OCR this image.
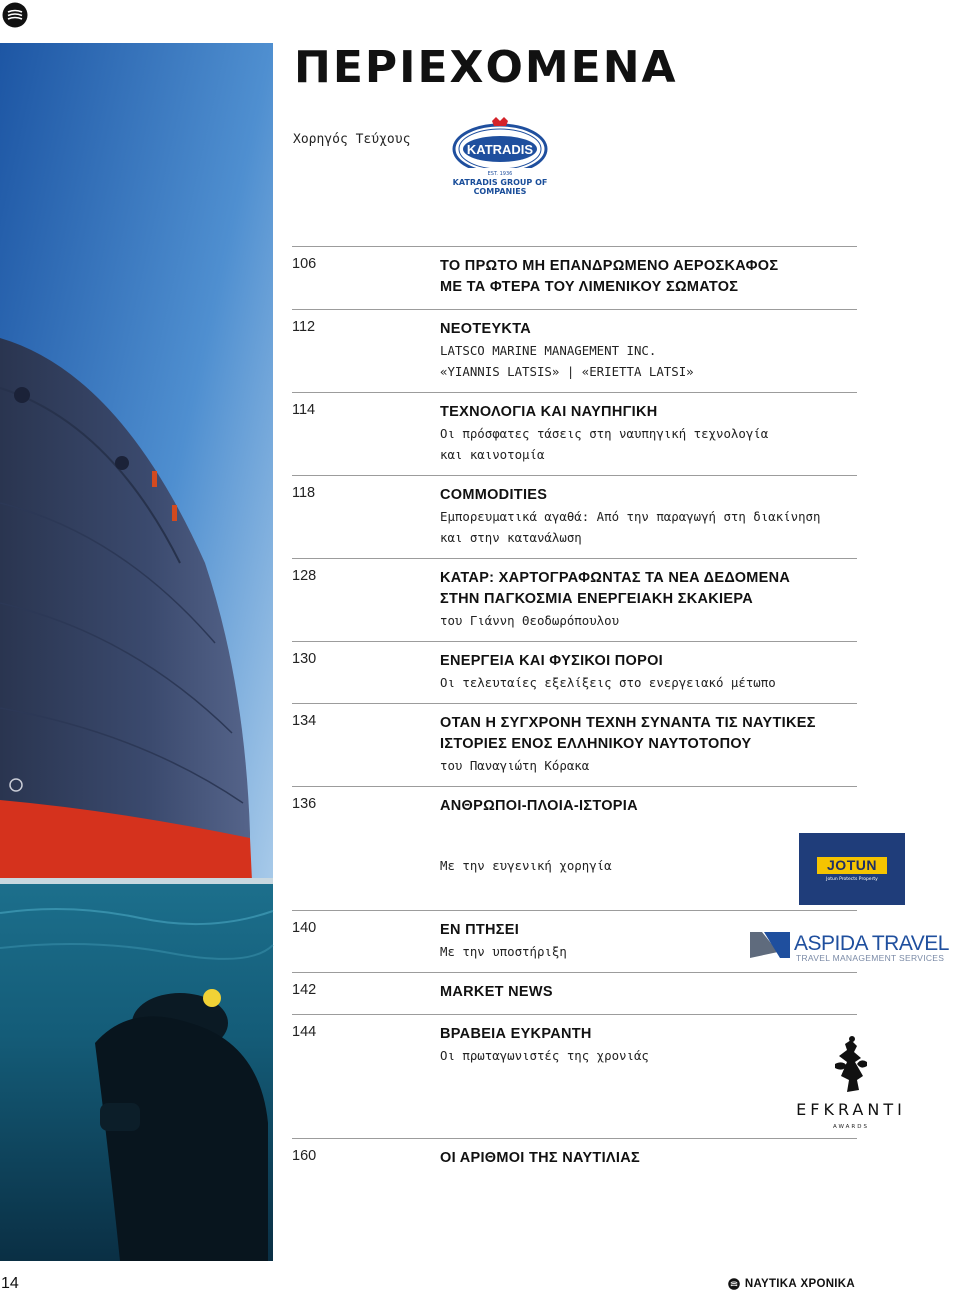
ΠΕΡΙΕΧΟΜΕΝΑ
Χορηγός Τεύχους
KATRADIS
EST. 1936
KATRADIS GROUP OF COMPANIES
106	ΤΟ ΠΡΩΤΟ ΜΗ ΕΠΑΝΔΡΩΜΕΝΟ ΑΕΡΟΣΚΑΦΟΣ
ΜΕ ΤΑ ΦΤΕΡΑ ΤΟΥ ΛΙΜΕΝΙΚΟΥ ΣΩΜΑΤΟΣ
112	ΝΕΟΤΕΥΚΤΑ
LATSCO MARINE MANAGEMENT INC.
«YIANNIS LATSIS» | «ERIETTA LATSI»
114	ΤΕΧΝΟΛΟΓΙΑ ΚΑΙ ΝΑΥΠΗΓΙΚΗ
Οι πρόσφατες τάσεις στη ναυπηγική τεχνολογία
και καινοτομία
118	COMMODITIES
Εμπορευματικά αγαθά: Από την παραγωγή στη διακίνηση
και στην κατανάλωση
128	ΚΑΤΑΡ: ΧΑΡΤΟΓΡΑΦΩΝΤΑΣ ΤΑ ΝΕΑ ΔΕΔΟΜΕΝΑ
ΣΤΗΝ ΠΑΓΚΟΣΜΙΑ ΕΝΕΡΓΕΙΑΚΗ ΣΚΑΚΙΕΡΑ
του Γιάννη Θεοδωρόπουλου
130	ΕΝΕΡΓΕΙΑ ΚΑΙ ΦΥΣΙΚΟΙ ΠΟΡΟΙ
Οι τελευταίες εξελίξεις στο ενεργειακό μέτωπο
134	ΟΤΑΝ Η ΣΥΓΧΡΟΝΗ ΤΕΧΝΗ ΣΥΝΑΝΤΑ ΤΙΣ ΝΑΥΤΙΚΕΣ
ΙΣΤΟΡΙΕΣ ΕΝΟΣ ΕΛΛΗΝΙΚΟΥ ΝΑΥΤΟΤΟΠΟΥ
του Παναγιώτη Κόρακα
136	ΑΝΘΡΩΠΟΙ-ΠΛΟΙΑ-ΙΣΤΟΡΙΑ
Με την ευγενική χορηγία	JOTUN
Jotun Protects Property
140	ΕΝ ΠΤΗΣΕΙ
Με την υποστήριξη	ASPIDA TRAVEL
TRAVEL MANAGEMENT SERVICES
142	MARKET NEWS
144	ΒΡΑΒΕΙΑ ΕΥΚΡΑΝΤΗ
Οι πρωταγωνιστές της χρονιάς
EFKRANTI
AWARDS
160	ΟΙ ΑΡΙΘΜΟΙ ΤΗΣ ΝΑΥΤΙΛΙΑΣ
14	ΝΑΥΤΙΚΑ ΧΡΟΝΙΚΑ
